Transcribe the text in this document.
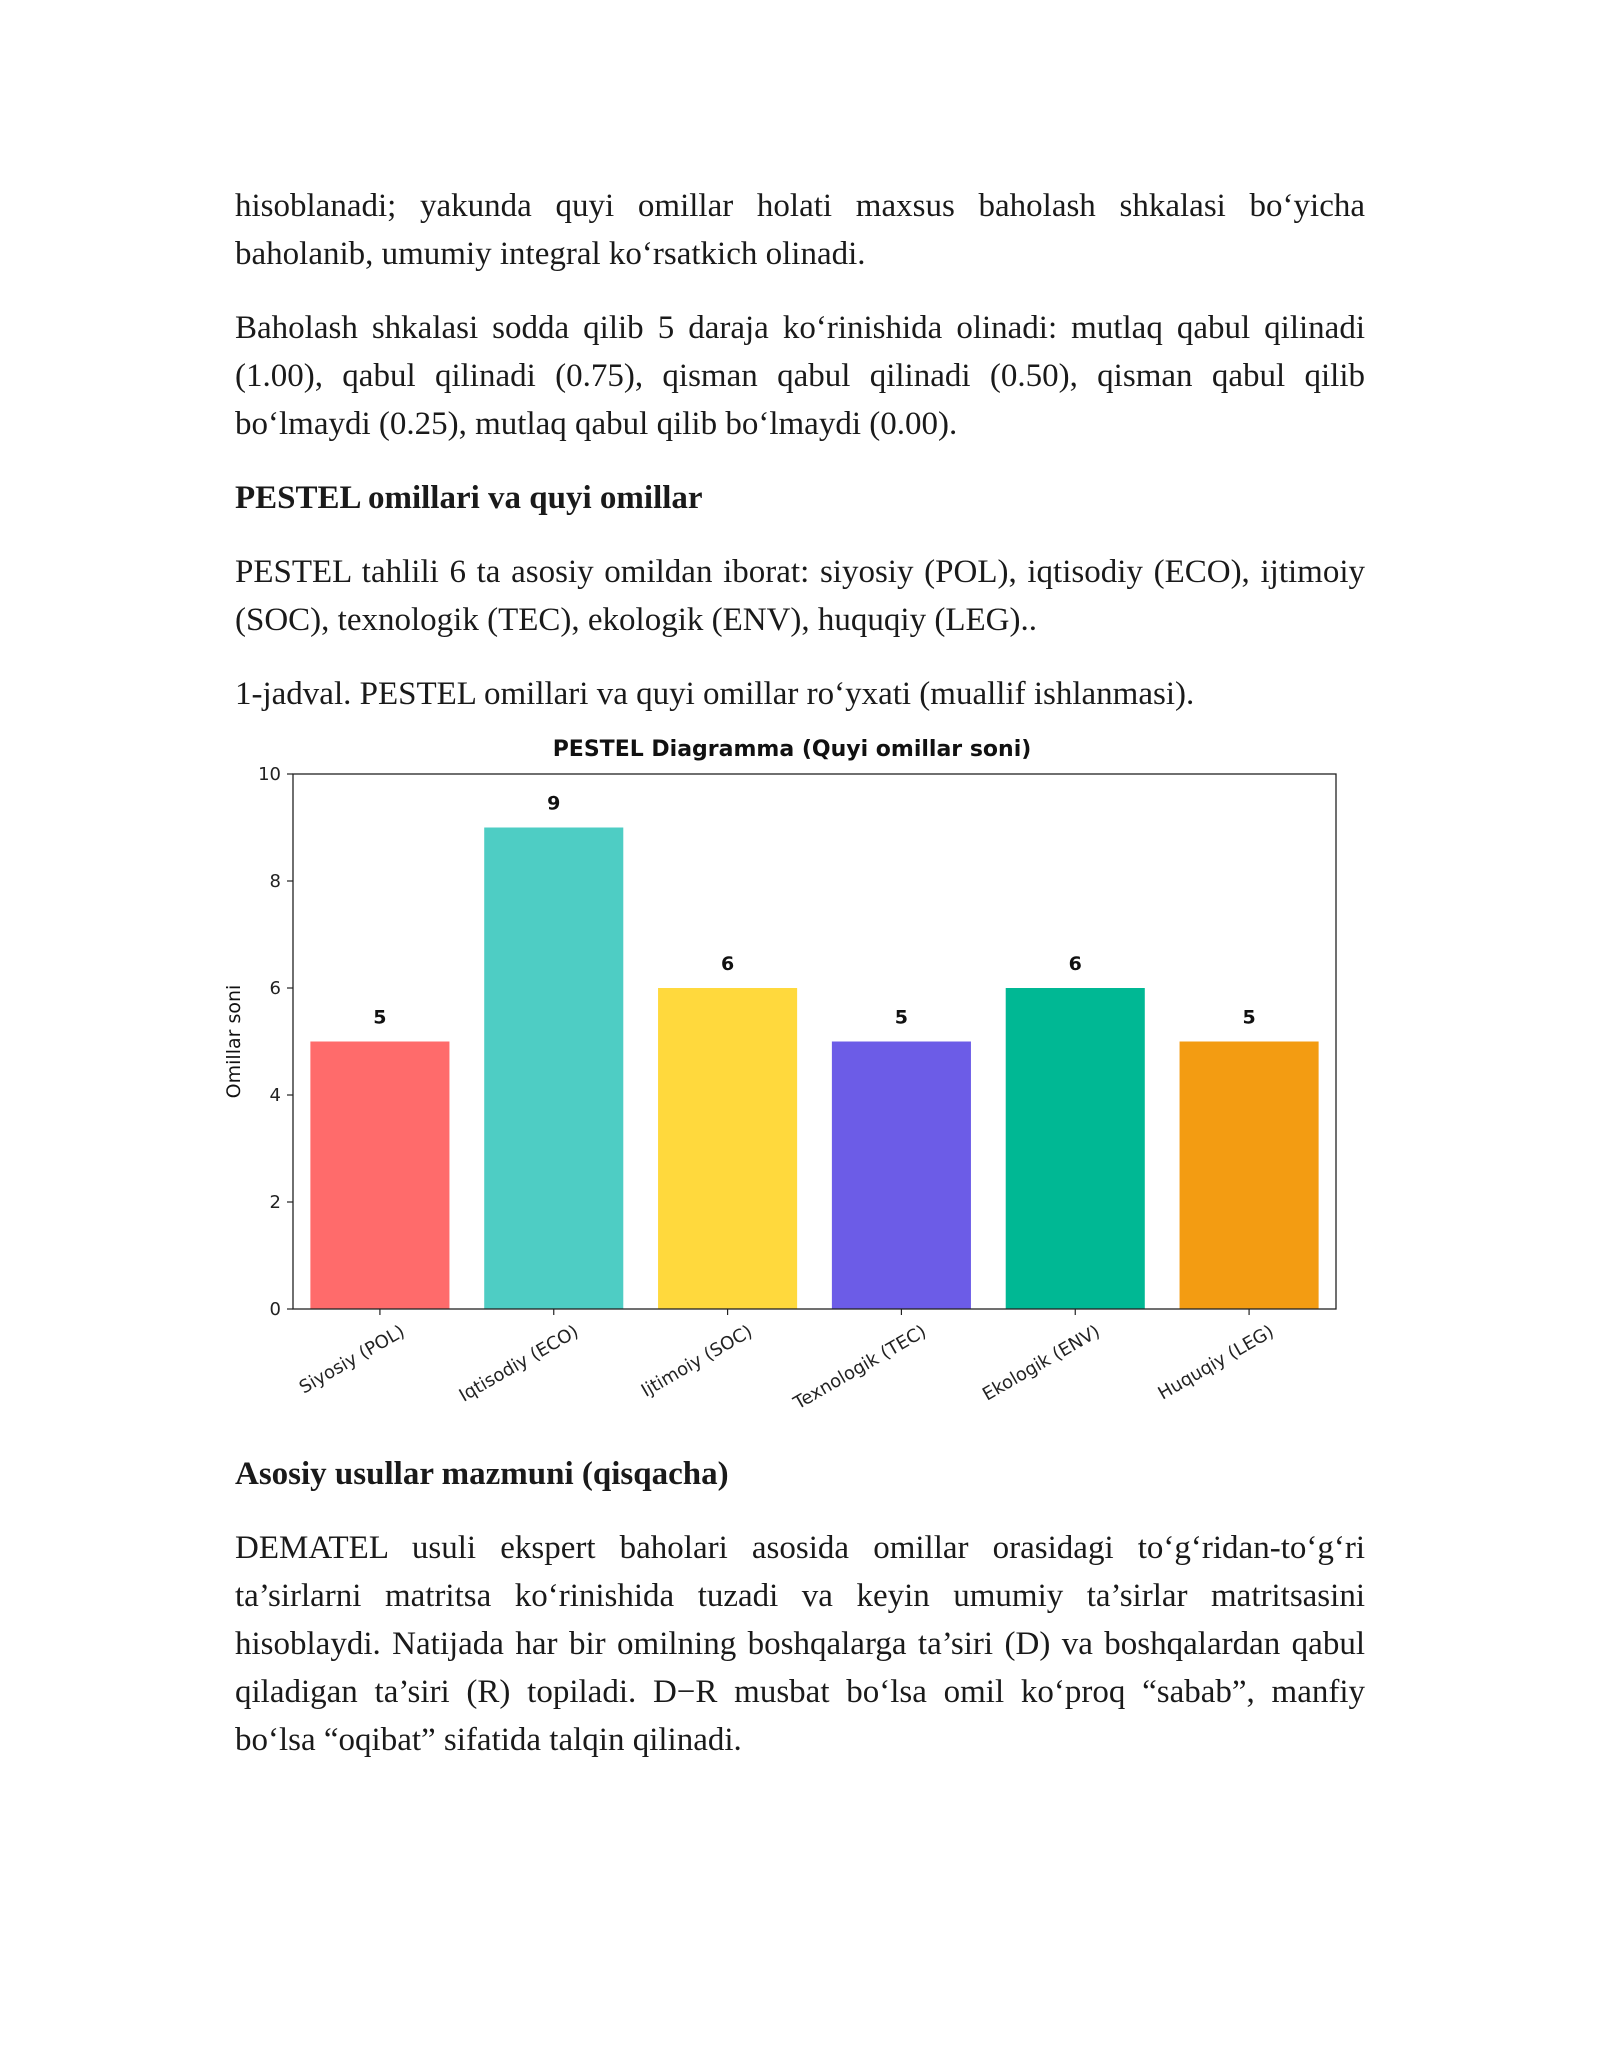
hisoblanadi; yakunda quyi omillar holati maxsus baholash shkalasi bo‘yicha baholanib, umumiy integral ko‘rsatkich olinadi.

Baholash shkalasi sodda qilib 5 daraja ko‘rinishida olinadi: mutlaq qabul qilinadi (1.00), qabul qilinadi (0.75), qisman qabul qilinadi (0.50), qisman qabul qilib bo‘lmaydi (0.25), mutlaq qabul qilib bo‘lmaydi (0.00).

PESTEL omillari va quyi omillar

PESTEL tahlili 6 ta asosiy omildan iborat: siyosiy (POL), iqtisodiy (ECO), ijtimoiy (SOC), texnologik (TEC), ekologik (ENV), huquqiy (LEG)..

1-jadval. PESTEL omillari va quyi omillar ro‘yxati (muallif ishlanmasi).

PESTEL Diagramma (Quyi omillar soni)
Omillar soni	5
Siyosiy (POL)
9
Iqtisodiy (ECO)
6
Ijtimoiy (SOC)
5
Texnologik (TEC)
6
Ekologik (ENV)
5
Huquqiy (LEG)
0
2
4
6
8
10
Asosiy usullar mazmuni (qisqacha)

DEMATEL usuli ekspert baholari asosida omillar orasidagi to‘g‘ridan-to‘g‘ri ta’sirlarni matritsa ko‘rinishida tuzadi va keyin umumiy ta’sirlar matritsasini hisoblaydi. Natijada har bir omilning boshqalarga ta’siri (D) va boshqalardan qabul qiladigan ta’siri (R) topiladi. D−R musbat bo‘lsa omil ko‘proq “sabab”, manfiy bo‘lsa “oqibat” sifatida talqin qilinadi.
